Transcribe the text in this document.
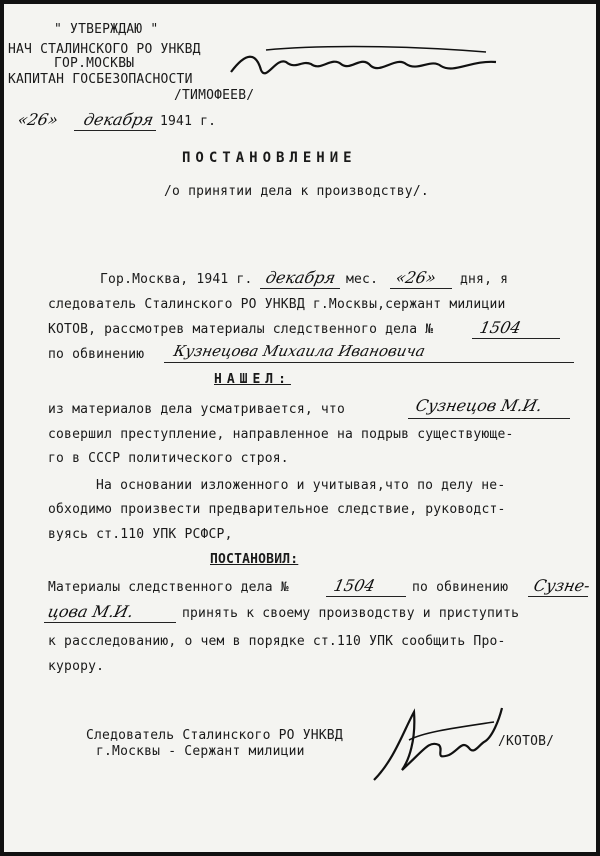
" УТВЕРЖДАЮ "
НАЧ СТАЛИНСКОГО РО УНКВД
ГОР.МОСКВЫ
КАПИТАН ГОСБЕЗОПАСНОСТИ
/ТИМОФЕЕВ/
«26» декабря 1941 г.
ПОСТАНОВЛЕНИЕ
/о принятии дела к производству/.
Гор.Москва, 1941 г. декабря мес. «26» дня, я
следователь Сталинского РО УНКВД г.Москвы,сержант милиции
КОТОВ, рассмотрев материалы следственного дела №	1504
по обвинению Кузнецова Михаила Ивановича
НАШЕЛ:
из материалов дела усматривается, что	Сузнецов М.И.
совершил преступление, направленное на подрыв существующе-
го в СССР политического строя.
На основании изложенного и учитывая,что по делу не-
обходимо произвести предварительное следствие, руководст-
вуясь ст.110 УПК РСФСР,
ПОСТАНОВИЛ:
Материалы следственного дела №	1504	по обвинению Сузне-
цова М.И.	принять к своему производству и приступить
к расследованию, о чем в порядке ст.110 УПК сообщить Про-
курору.
Следователь Сталинского РО УНКВД
г.Москвы - Сержант милиции
/КОТОВ/
